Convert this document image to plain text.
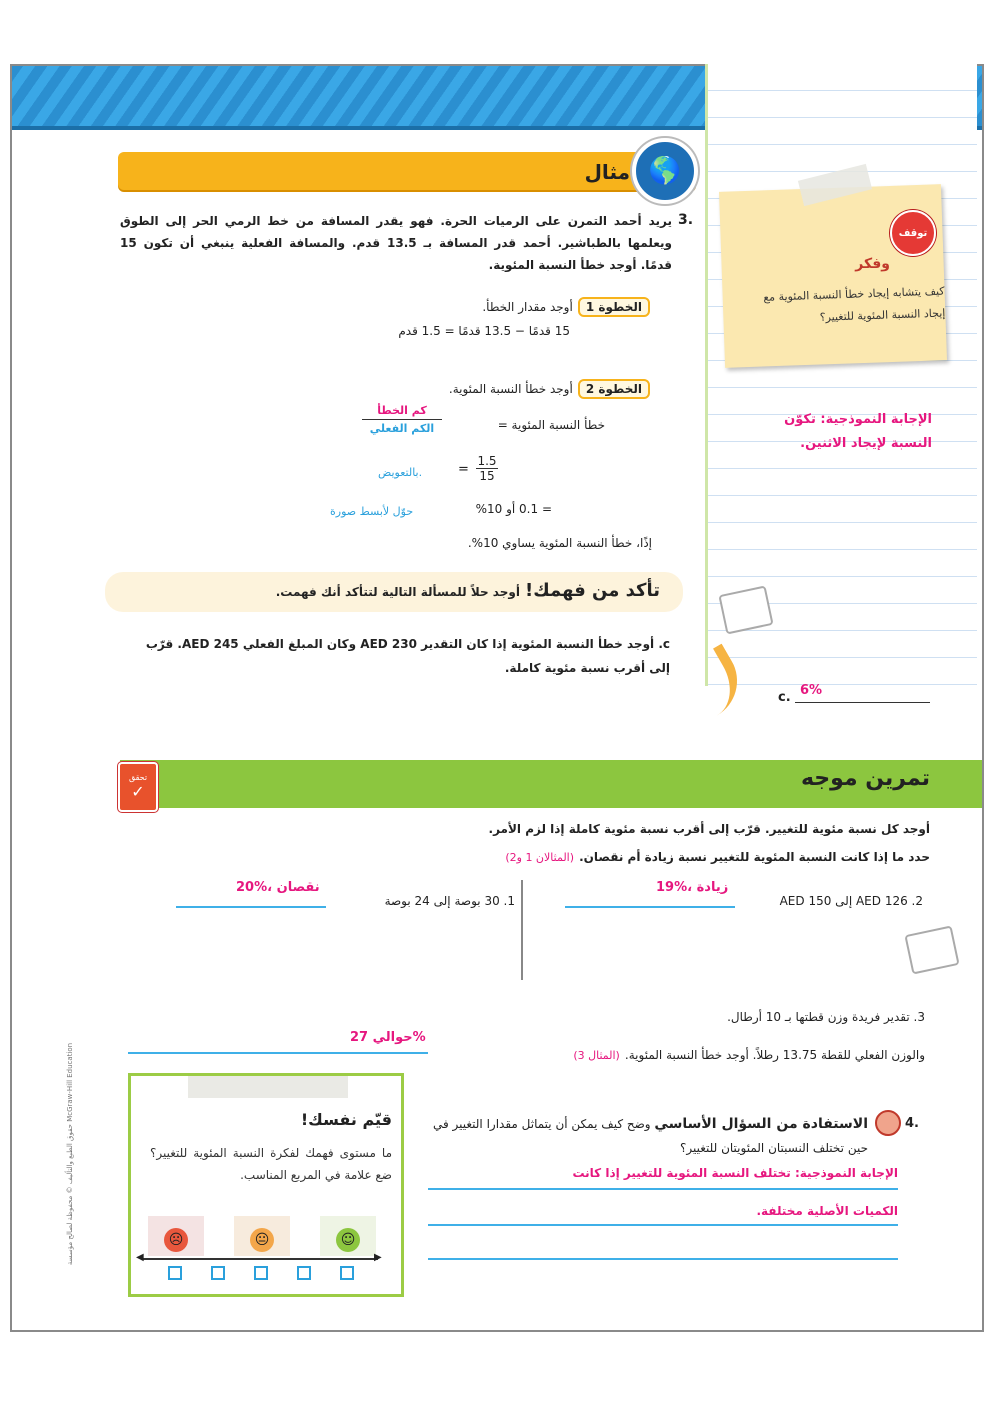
توقف
وفكر
كيف يتشابه إيجاد خطأ النسبة المئوية مع إيجاد النسبة المئوية للتغيير؟
الإجابة النموذجية: تكوّن النسبة لإيجاد الاثنين.
c. 6%
مثال 🌎
3.
يريد أحمد التمرن على الرميات الحرة. فهو يقدر المسافة من خط الرمي الحر إلى الطوق ويعلمها بالطباشير. أحمد قدر المسافة بـ 13.5 قدم. والمسافة الفعلية ينبغي أن تكون 15 قدمًا. أوجد خطأ النسبة المئوية.
الخطوة 1 أوجد مقدار الخطأ.
15 قدمًا − 13.5 قدمًا = 1.5 قدم
الخطوة 2 أوجد خطأ النسبة المئوية.
خطأ النسبة المئوية =
كم الخطأ
الكم الفعلي
=
1.5
15
بالتعويض.
= 0.1 أو 10%
حوّل لأبسط صورة
إذًا، خطأ النسبة المئوية يساوي 10%.
تأكد من فهمك! أوجد حلاً للمسألة التالية لتتأكد أنك فهمت.
c. أوجد خطأ النسبة المئوية إذا كان التقدير AED 230 وكان المبلغ الفعلي AED 245. قرّب إلى أقرب نسبة مئوية كاملة.
تحقق
✓
تمرين موجه
أوجد كل نسبة مئوية للتغيير. قرّب إلى أقرب نسبة مئوية كاملة إذا لزم الأمر.
حدد ما إذا كانت النسبة المئوية للتغيير نسبة زيادة أم نقصان. (المثالان 1 و2)
1. 30 بوصة إلى 24 بوصة
20%، نقصان
2. AED 126 إلى AED 150
19%، زيادة
3. تقدير فريدة وزن قطتها بـ 10 أرطال.
والوزن الفعلي للقطة 13.75 رطلاً. أوجد خطأ النسبة المئوية. (المثال 3)
حوالي 27%
4.
الاستفادة من السؤال الأساسي وضح كيف يمكن أن يتماثل مقدارا التغيير في حين تختلف النسبتان المئويتان للتغيير؟
الإجابة النموذجية: تختلف النسبة المئوية للتغيير إذا كانت
الكميات الأصلية مختلفة.
قيّم نفسك!
ما مستوى فهمك لفكرة النسبة المئوية للتغيير؟ ضع علامة في المربع المناسب.
☹	😐	☺
◀	▶
حقوق الطبع والتأليف © محفوظة لصالح مؤسسة McGraw-Hill Education
